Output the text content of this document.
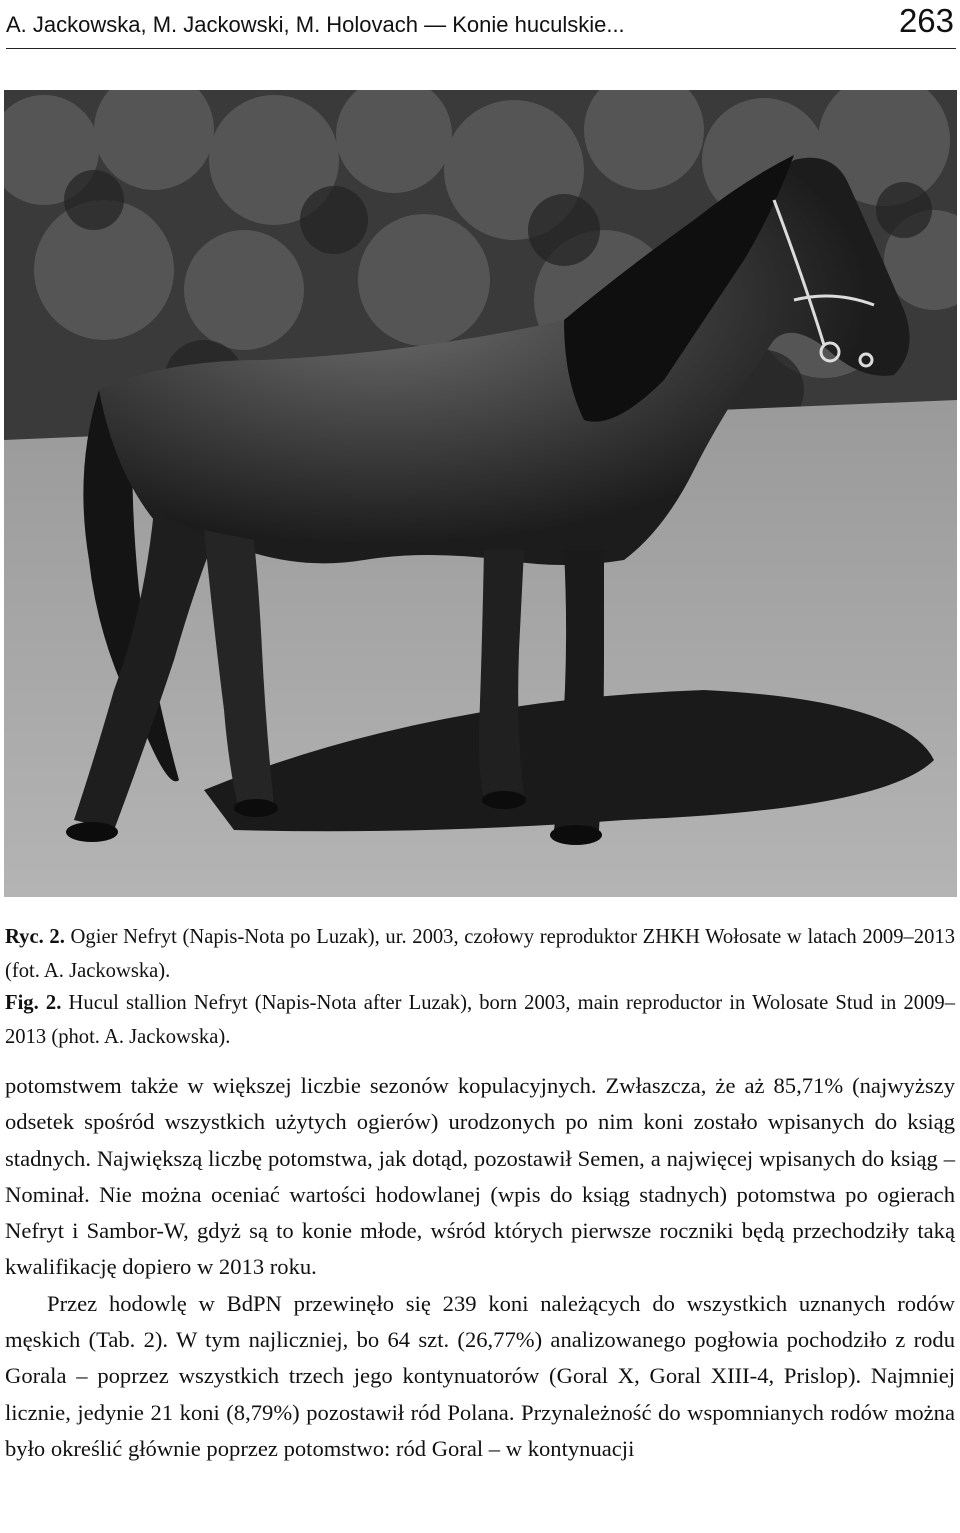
A. Jackowska, M. Jackowski, M. Holovach — Konie huculskie...	263
Ryc. 2. Ogier Nefryt (Napis-Nota po Luzak), ur. 2003, czołowy reproduktor ZHKH Wołosate w latach 2009–2013 (fot. A. Jackowska).
Fig. 2. Hucul stallion Nefryt (Napis-Nota after Luzak), born 2003, main reproductor in Wolosate Stud in 2009–2013 (phot. A. Jackowska).

potomstwem także w większej liczbie sezonów kopulacyjnych. Zwłaszcza, że aż 85,71% (najwyższy odsetek spośród wszystkich użytych ogierów) urodzonych po nim koni zostało wpisanych do ksiąg stadnych. Największą liczbę potomstwa, jak dotąd, pozostawił Semen, a najwięcej wpisanych do ksiąg – Nominał. Nie można oceniać wartości hodowlanej (wpis do ksiąg stadnych) potomstwa po ogierach Nefryt i Sambor-W, gdyż są to konie młode, wśród których pierwsze roczniki będą przechodziły taką kwalifikację dopiero w 2013 roku.

Przez hodowlę w BdPN przewinęło się 239 koni należących do wszystkich uznanych rodów męskich (Tab. 2). W tym najliczniej, bo 64 szt. (26,77%) analizowanego pogłowia pochodziło z rodu Gorala – poprzez wszystkich trzech jego kontynuatorów (Goral X, Goral XIII-4, Prislop). Najmniej licznie, jedynie 21 koni (8,79%) pozostawił ród Polana. Przynależność do wspomnianych rodów można było określić głównie poprzez potomstwo: ród Goral – w kontynuacji
